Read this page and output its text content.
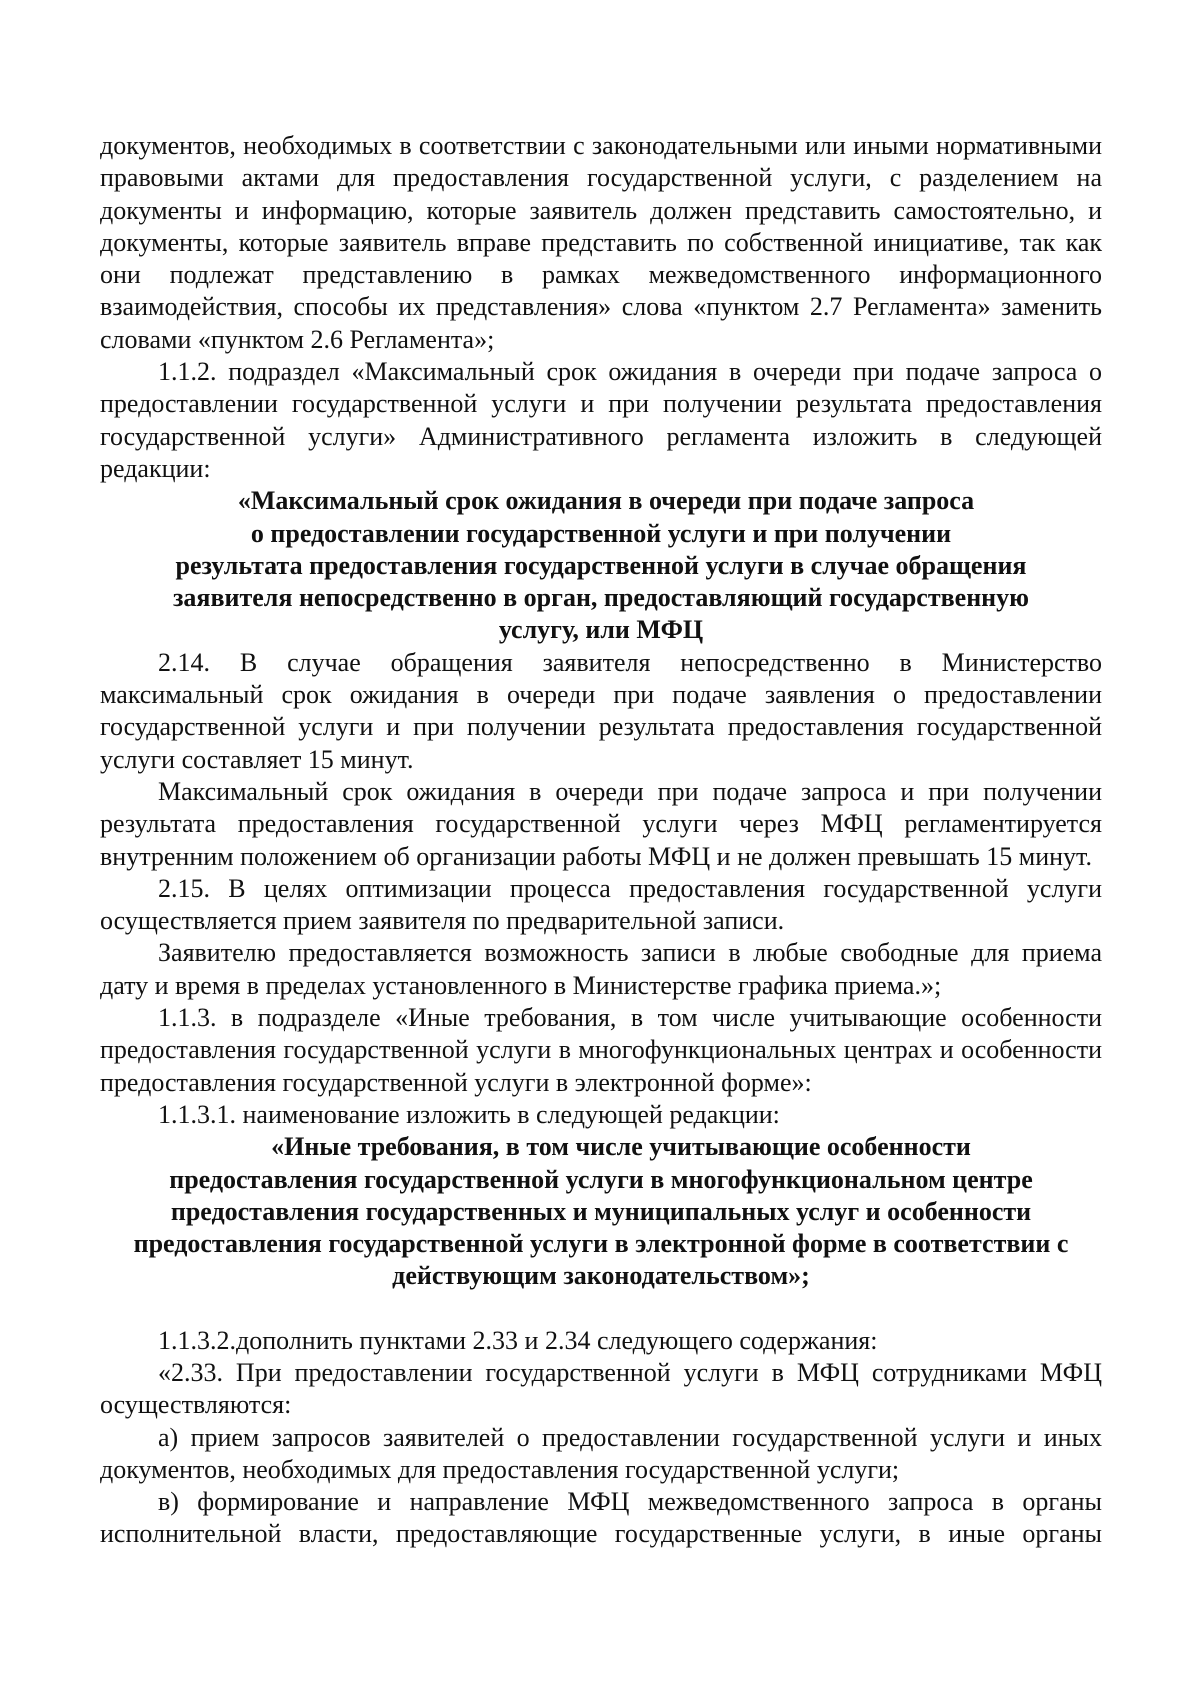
документов, необходимых в соответствии с законодательными или иными нормативными правовыми актами для предоставления государственной услуги, с разделением на документы и информацию, которые заявитель должен представить самостоятельно, и документы, которые заявитель вправе представить по собственной инициативе, так как они подлежат представлению в рамках межведомственного информационного взаимодействия, способы их представления» слова «пунктом 2.7 Регламента» заменить словами «пунктом 2.6 Регламента»;

1.1.2. подраздел «Максимальный срок ожидания в очереди при подаче запроса о предоставлении государственной услуги и при получении результата предоставления государственной услуги» Административного регламента изложить в следующей редакции:

«Максимальный срок ожидания в очереди при подаче запроса

о предоставлении государственной услуги и при получении

результата предоставления государственной услуги в случае обращения

заявителя непосредственно в орган, предоставляющий государственную

услугу, или МФЦ

2.14. В случае обращения заявителя непосредственно в Министерство максимальный срок ожидания в очереди при подаче заявления о предоставлении государственной услуги и при получении результата предоставления государственной услуги составляет 15 минут.

Максимальный срок ожидания в очереди при подаче запроса и при получении результата предоставления государственной услуги через МФЦ регламентируется внутренним положением об организации работы МФЦ и не должен превышать 15 минут.

2.15. В целях оптимизации процесса предоставления государственной услуги осуществляется прием заявителя по предварительной записи.

Заявителю предоставляется возможность записи в любые свободные для приема дату и время в пределах установленного в Министерстве графика приема.»;

1.1.3. в подразделе «Иные требования, в том числе учитывающие особенности предоставления государственной услуги в многофункциональных центрах и особенности предоставления государственной услуги в электронной форме»:

1.1.3.1. наименование изложить в следующей редакции:

«Иные требования, в том числе учитывающие особенности

предоставления государственной услуги в многофункциональном центре

предоставления государственных и муниципальных услуг и особенности

предоставления государственной услуги в электронной форме в соответствии с

действующим законодательством»;

1.1.3.2.дополнить пунктами 2.33 и 2.34 следующего содержания:

«2.33. При предоставлении государственной услуги в МФЦ сотрудниками МФЦ осуществляются:

а) прием запросов заявителей о предоставлении государственной услуги и иных документов, необходимых для предоставления государственной услуги;

в) формирование и направление МФЦ межведомственного запроса в органы исполнительной власти, предоставляющие государственные услуги, в иные органы
